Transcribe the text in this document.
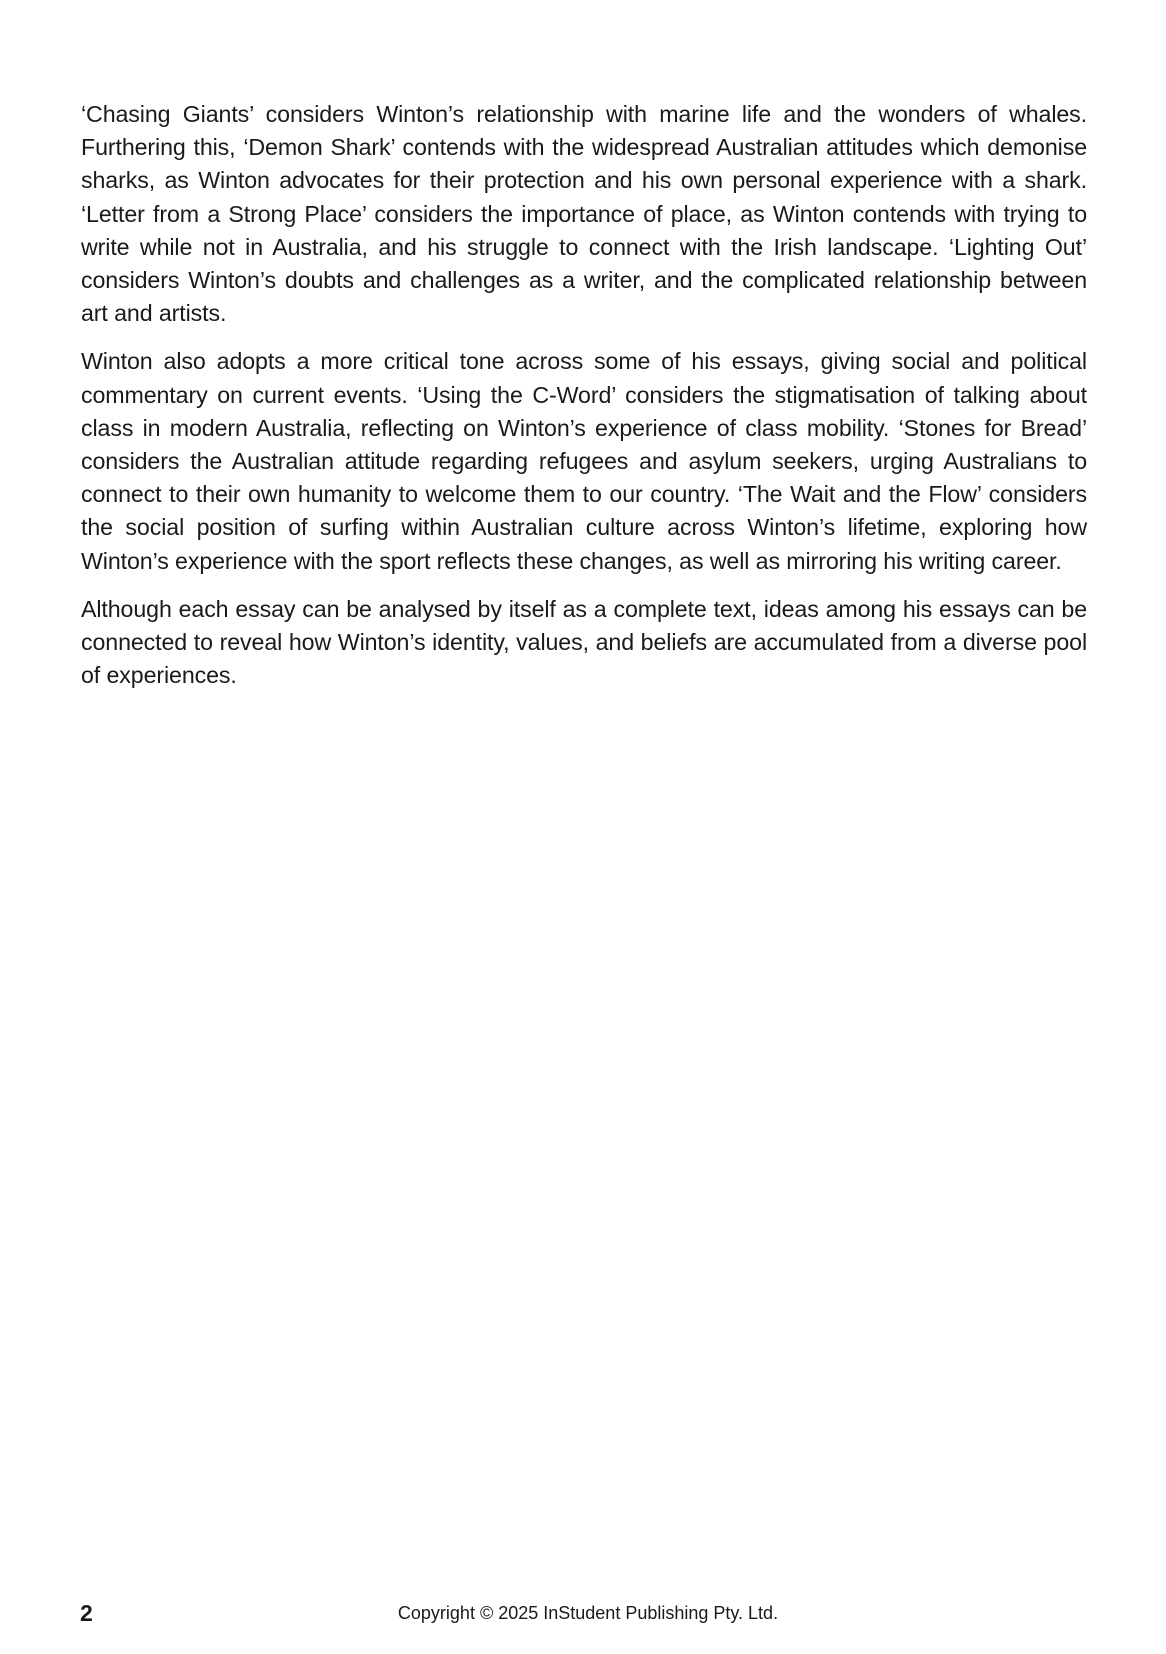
‘Chasing Giants’ considers Winton’s relationship with marine life and the wonders of whales. Furthering this, ‘Demon Shark’ contends with the widespread Australian attitudes which demonise sharks, as Winton advocates for their protection and his own personal experience with a shark. ‘Letter from a Strong Place’ considers the importance of place, as Winton contends with trying to write while not in Australia, and his struggle to connect with the Irish landscape. ‘Lighting Out’ considers Winton’s doubts and challenges as a writer, and the complicated relationship between art and artists.

Winton also adopts a more critical tone across some of his essays, giving social and political commentary on current events. ‘Using the C-Word’ considers the stigmatisation of talking about class in modern Australia, reflecting on Winton’s experience of class mobility. ‘Stones for Bread’ considers the Australian attitude regarding refugees and asylum seekers, urging Australians to connect to their own humanity to welcome them to our country. ‘The Wait and the Flow’ considers the social position of surfing within Australian culture across Winton’s lifetime, exploring how Winton’s experience with the sport reflects these changes, as well as mirroring his writing career.

Although each essay can be analysed by itself as a complete text, ideas among his essays can be connected to reveal how Winton’s identity, values, and beliefs are accumulated from a diverse pool of experiences.

2	Copyright © 2025 InStudent Publishing Pty. Ltd.
